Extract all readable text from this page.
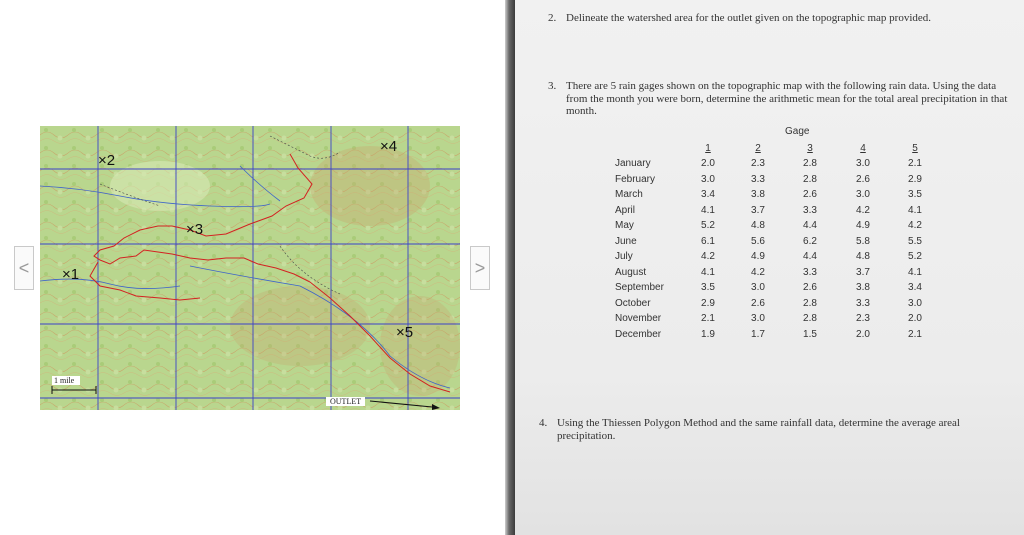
<	>
×1
×2
×3
×4
×5
1 mile
OUTLET
2. Delineate the watershed area for the outlet given on the topographic map provided.
3. There are 5 rain gages shown on the topographic map with the following rain data. Using the data from the month you were born, determine the arithmetic mean for the total areal precipitation in that month.
Gage
1	2	3	4	5
January	2.0	2.3	2.8	3.0	2.1
February	3.0	3.3	2.8	2.6	2.9
March	3.4	3.8	2.6	3.0	3.5
April	4.1	3.7	3.3	4.2	4.1
May	5.2	4.8	4.4	4.9	4.2
June	6.1	5.6	6.2	5.8	5.5
July	4.2	4.9	4.4	4.8	5.2
August	4.1	4.2	3.3	3.7	4.1
September	3.5	3.0	2.6	3.8	3.4
October	2.9	2.6	2.8	3.3	3.0
November	2.1	3.0	2.8	2.3	2.0
December	1.9	1.7	1.5	2.0	2.1
4. Using the Thiessen Polygon Method and the same rainfall data, determine the average areal precipitation.
